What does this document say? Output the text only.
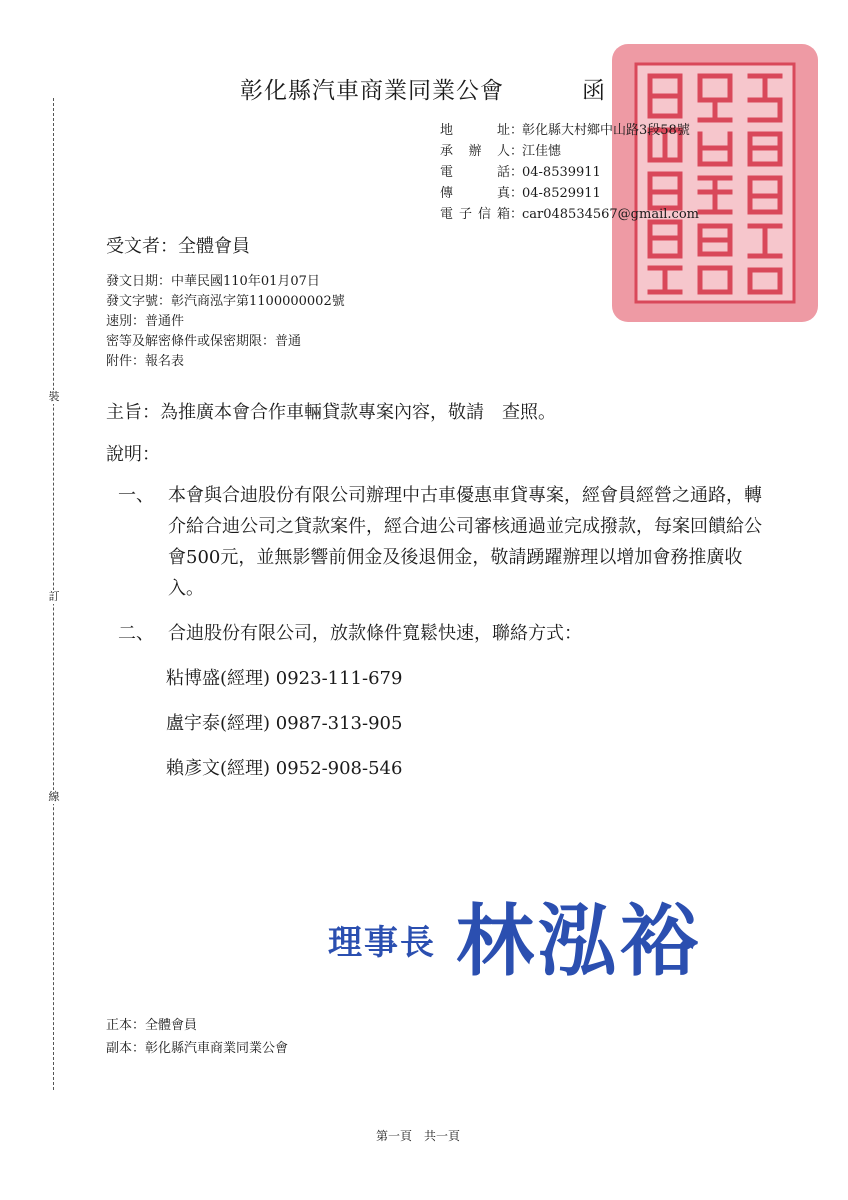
裝
訂
線
彰化縣汽車商業同業公會	函
地	址 ：
彰化縣大村鄉中山路3段58號
承 辦 人 ：
江佳憓
電	話 ：
04-8539911
傳	真 ：
04-8529911
電 子 信 箱 ：
car048534567@gmail.com
受文者：全體會員
發文日期：中華民國110年01月07日
發文字號：彰汽商泓字第1100000002號
速別：普通件
密等及解密條件或保密期限：普通
附件：報名表
主旨：為推廣本會合作車輛貸款專案內容，敬請　查照。
說明：
一、 本會與合迪股份有限公司辦理中古車優惠車貸專案，經會員經營之通路，轉介給合迪公司之貸款案件，經合迪公司審核通過並完成撥款，每案回饋給公會500元，並無影響前佣金及後退佣金，敬請踴躍辦理以增加會務推廣收入。
二、 合迪股份有限公司，放款條件寬鬆快速，聯絡方式：
粘博盛(經理) 0923-111-679
盧宇泰(經理) 0987-313-905
賴彥文(經理) 0952-908-546
理事長 林泓裕
正本：全體會員
副本：彰化縣汽車商業同業公會
第一頁　共一頁
